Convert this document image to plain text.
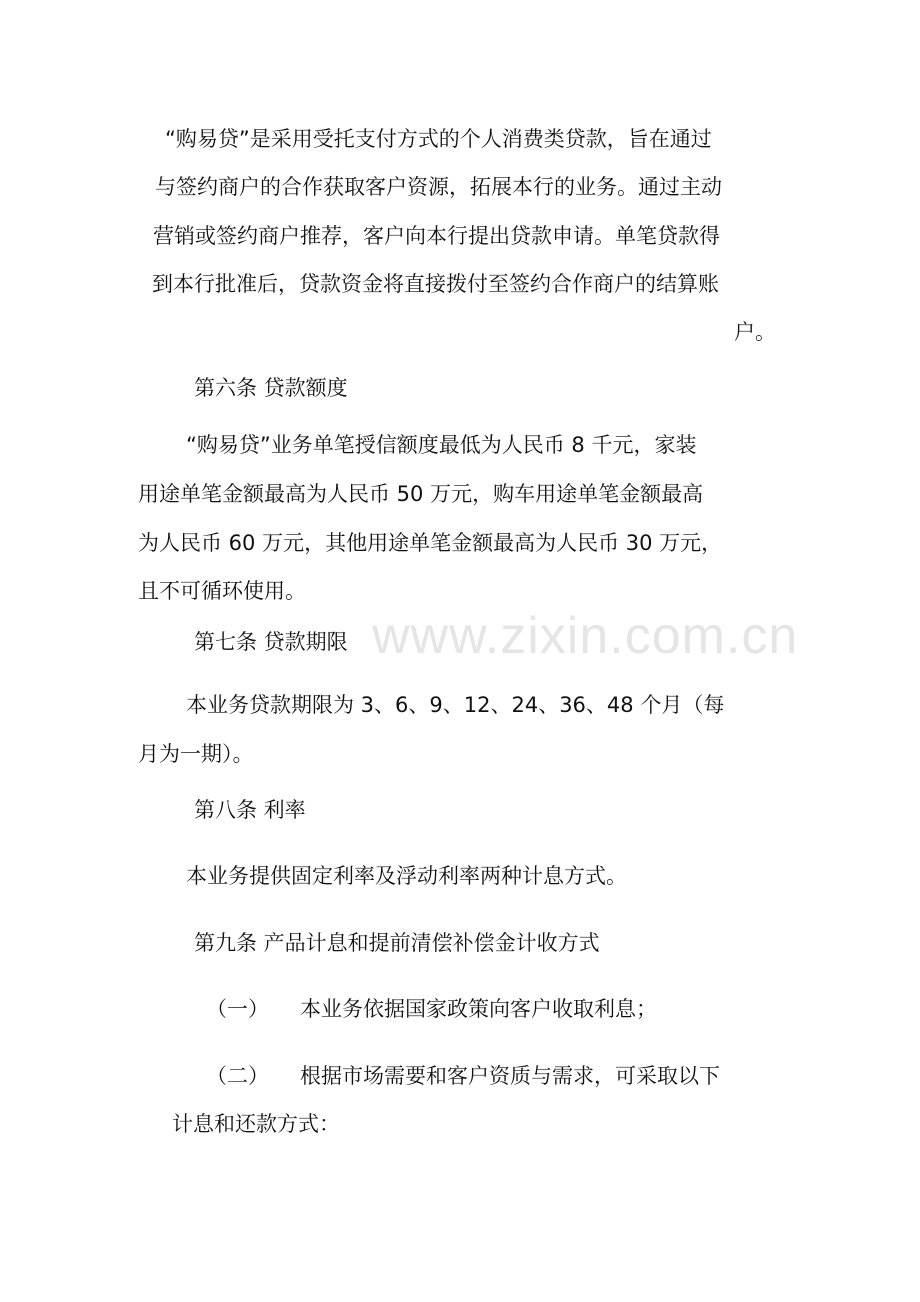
“购易贷”是采用受托支付方式的个人消费类贷款，旨在通过
与签约商户的合作获取客户资源，拓展本行的业务。通过主动
营销或签约商户推荐，客户向本行提出贷款申请。单笔贷款得
到本行批准后，贷款资金将直接拨付至签约合作商户的结算账
户。
第六条 贷款额度
“购易贷”业务单笔授信额度最低为人民币 8 千元，家装
用途单笔金额最高为人民币 50 万元，购车用途单笔金额最高
为人民币 60 万元，其他用途单笔金额最高为人民币 30 万元，
且不可循环使用。
www.zixin.com.cn
第七条 贷款期限
本业务贷款期限为 3、6、9、12、24、36、48 个月（每
月为一期）。
第八条 利率
本业务提供固定利率及浮动利率两种计息方式。
第九条 产品计息和提前清偿补偿金计收方式
（一） 本业务依据国家政策向客户收取利息；
（二） 根据市场需要和客户资质与需求，可采取以下
计息和还款方式：
